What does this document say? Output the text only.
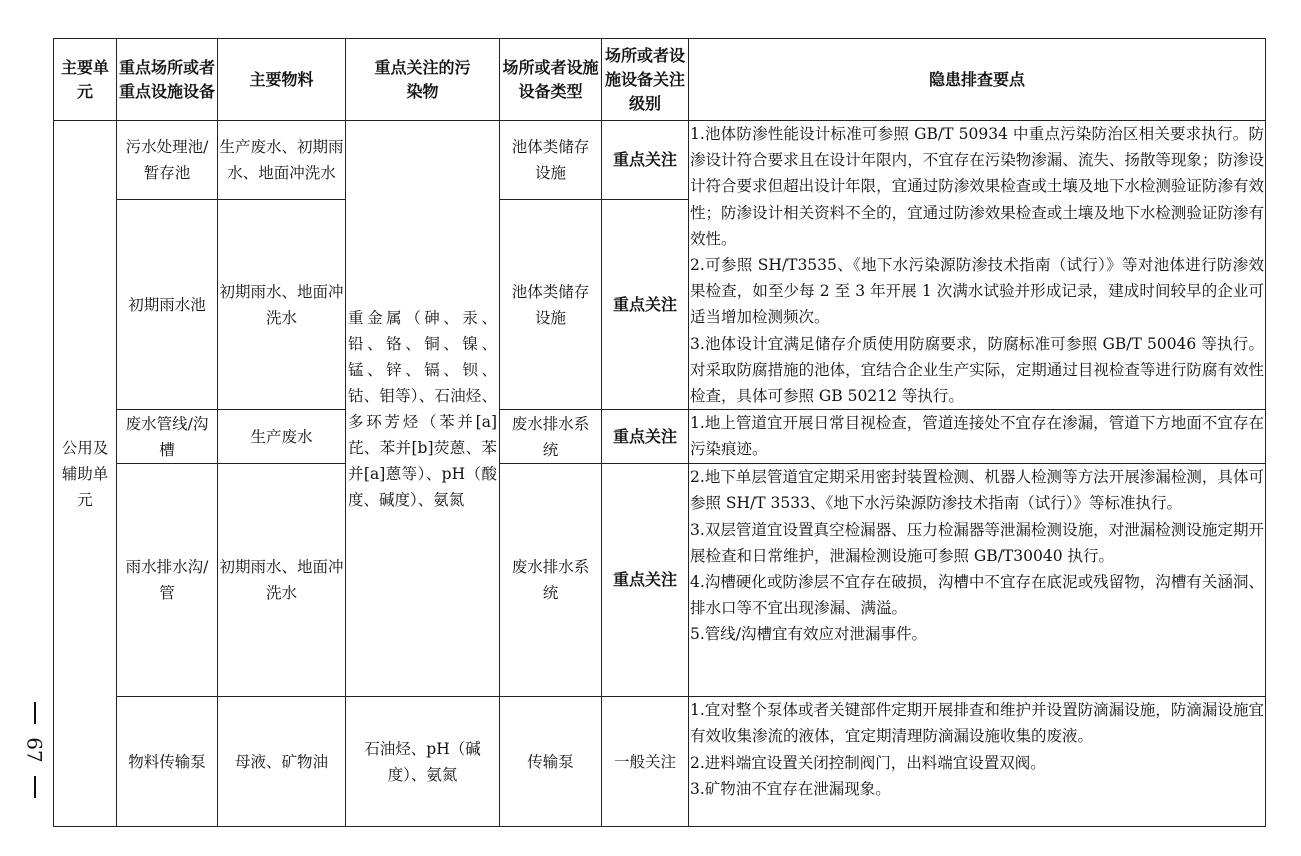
主要单元	重点场所或者重点设施设备	主要物料	重点关注的污染物	场所或者设施设备类型	场所或者设施设备关注级别	隐患排查要点
公用及辅助单元	污水处理池/暂存池	生产废水、初期雨水、地面冲洗水	重金属（砷、汞、铅、铬、铜、镍、锰、锌、镉、钡、钴、钼等）、石油烃、多环芳烃（苯并[a]芘、苯并[b]荧蒽、苯并[a]蒽等）、pH（酸度、碱度）、氨氮	池体类储存设施	重点关注	1.池体防渗性能设计标准可参照 GB/T 50934 中重点污染防治区相关要求执行。防渗设计符合要求且在设计年限内，不宜存在污染物渗漏、流失、扬散等现象；防渗设计符合要求但超出设计年限，宜通过防渗效果检查或土壤及地下水检测验证防渗有效性；防渗设计相关资料不全的，宜通过防渗效果检查或土壤及地下水检测验证防渗有效性。
2.可参照 SH/T3535、《地下水污染源防渗技术指南（试行）》等对池体进行防渗效果检查，如至少每 2 至 3 年开展 1 次满水试验并形成记录，建成时间较早的企业可适当增加检测频次。
3.池体设计宜满足储存介质使用防腐要求，防腐标准可参照 GB/T 50046 等执行。对采取防腐措施的池体，宜结合企业生产实际，定期通过目视检查等进行防腐有效性检查，具体可参照 GB 50212 等执行。

	初期雨水池	初期雨水、地面冲洗水		池体类储存设施	重点关注	
	废水管线/沟槽	生产废水		废水排水系统	重点关注	1.地上管道宜开展日常目视检查，管道连接处不宜存在渗漏，管道下方地面不宜存在污染痕迹。

	雨水排水沟/管	初期雨水、地面冲洗水		废水排水系统	重点关注	2.地下单层管道宜定期采用密封装置检测、机器人检测等方法开展渗漏检测，具体可参照 SH/T 3533、《地下水污染源防渗技术指南（试行）》等标准执行。
3.双层管道宜设置真空检漏器、压力检漏器等泄漏检测设施，对泄漏检测设施定期开展检查和日常维护，泄漏检测设施可参照 GB/T30040 执行。
4.沟槽硬化或防渗层不宜存在破损，沟槽中不宜存在底泥或残留物，沟槽有关涵洞、排水口等不宜出现渗漏、满溢。
5.管线/沟槽宜有效应对泄漏事件。

	物料传输泵	母液、矿物油	石油烃、pH（碱度）、氨氮	传输泵	一般关注	1.宜对整个泵体或者关键部件定期开展排查和维护并设置防滴漏设施，防滴漏设施宜有效收集渗流的液体，宜定期清理防滴漏设施收集的废液。
2.进料端宜设置关闭控制阀门，出料端宜设置双阀。
3.矿物油不宜存在泄漏现象。
67
